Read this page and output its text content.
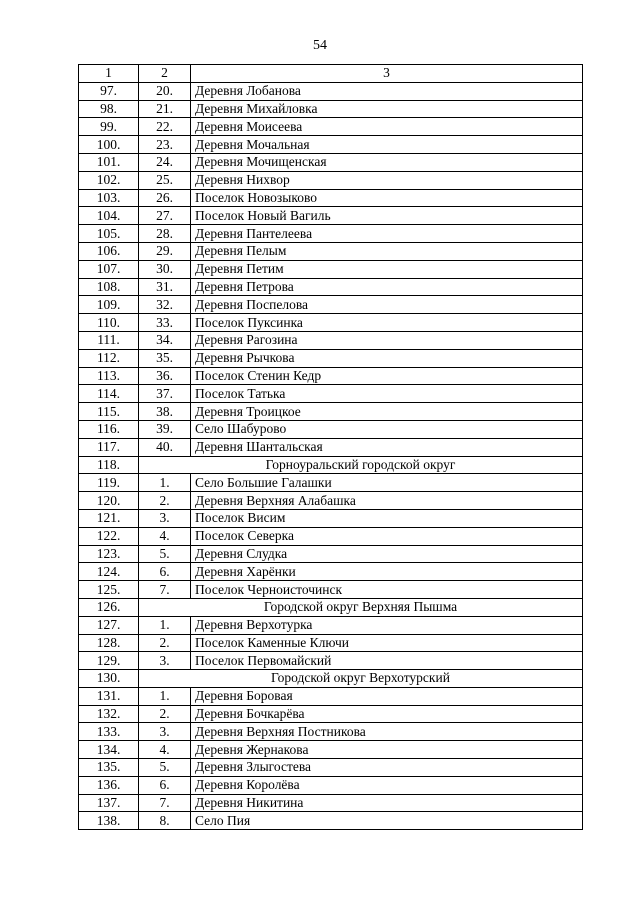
54
1	2	3
97.	20.	Деревня Лобанова
98.	21.	Деревня Михайловка
99.	22.	Деревня Моисеева
100.	23.	Деревня Мочальная
101.	24.	Деревня Мочищенская
102.	25.	Деревня Нихвор
103.	26.	Поселок Новозыково
104.	27.	Поселок Новый Вагиль
105.	28.	Деревня Пантелеева
106.	29.	Деревня Пелым
107.	30.	Деревня Петим
108.	31.	Деревня Петрова
109.	32.	Деревня Поспелова
110.	33.	Поселок Пуксинка
111.	34.	Деревня Рагозина
112.	35.	Деревня Рычкова
113.	36.	Поселок Стенин Кедр
114.	37.	Поселок Татька
115.	38.	Деревня Троицкое
116.	39.	Село Шабурово
117.	40.	Деревня Шантальская
118.	Горноуральский городской округ	
119.	1.	Село Большие Галашки
120.	2.	Деревня Верхняя Алабашка
121.	3.	Поселок Висим
122.	4.	Поселок Северка
123.	5.	Деревня Слудка
124.	6.	Деревня Харёнки
125.	7.	Поселок Черноисточинск
126.	Городской округ Верхняя Пышма	
127.	1.	Деревня Верхотурка
128.	2.	Поселок Каменные Ключи
129.	3.	Поселок Первомайский
130.	Городской округ Верхотурский	
131.	1.	Деревня Боровая
132.	2.	Деревня Бочкарёва
133.	3.	Деревня Верхняя Постникова
134.	4.	Деревня Жернакова
135.	5.	Деревня Злыгостева
136.	6.	Деревня Королёва
137.	7.	Деревня Никитина
138.	8.	Село Пия
